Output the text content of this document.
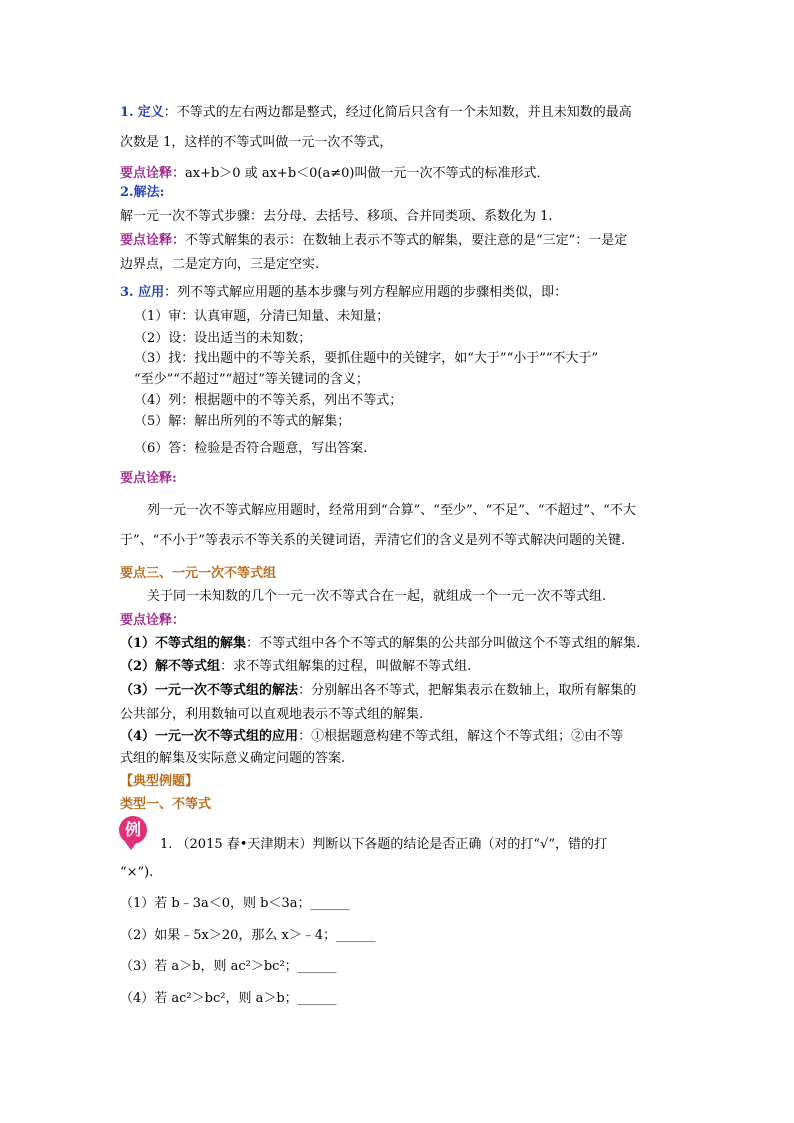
1. 定义：不等式的左右两边都是整式，经过化简后只含有一个未知数，并且未知数的最高
次数是 1，这样的不等式叫做一元一次不等式，
要点诠释：ax+b＞0 或 ax+b＜0(a≠0)叫做一元一次不等式的标准形式．
2.解法:
解一元一次不等式步骤：去分母、去括号、移项、合并同类项、系数化为 1.
要点诠释：不等式解集的表示：在数轴上表示不等式的解集，要注意的是“三定”：一是定
边界点，二是定方向，三是定空实.
3. 应用：列不等式解应用题的基本步骤与列方程解应用题的步骤相类似，即：
（1）审：认真审题，分清已知量、未知量；
（2）设：设出适当的未知数；
（3）找：找出题中的不等关系，要抓住题中的关键字，如“大于”“小于”“不大于”
“至少”“不超过”“超过”等关键词的含义；
（4）列：根据题中的不等关系，列出不等式；
（5）解：解出所列的不等式的解集；
（6）答：检验是否符合题意，写出答案.
要点诠释:
列一元一次不等式解应用题时，经常用到“合算”、“至少”、“不足”、“不超过”、“不大
于”、“不小于”等表示不等关系的关键词语，弄清它们的含义是列不等式解决问题的关键.
要点三、一元一次不等式组
关于同一未知数的几个一元一次不等式合在一起，就组成一个一元一次不等式组.
要点诠释：
（1）不等式组的解集：不等式组中各个不等式的解集的公共部分叫做这个不等式组的解集.
（2）解不等式组：求不等式组解集的过程，叫做解不等式组.
（3）一元一次不等式组的解法：分别解出各不等式，把解集表示在数轴上，取所有解集的
公共部分，利用数轴可以直观地表示不等式组的解集.
（4）一元一次不等式组的应用：①根据题意构建不等式组，解这个不等式组；②由不等
式组的解集及实际意义确定问题的答案.
【典型例题】
类型一、不等式
例
1. （2015 春•天津期末）判断以下各题的结论是否正确（对的打“√”，错的打
“×”).
（1）若 b﹣3a＜0，则 b＜3a；______
（2）如果﹣5x＞20，那么 x＞﹣4；______
（3）若 a＞b，则 ac²＞bc²；______
（4）若 ac²＞bc²，则 a＞b；______
